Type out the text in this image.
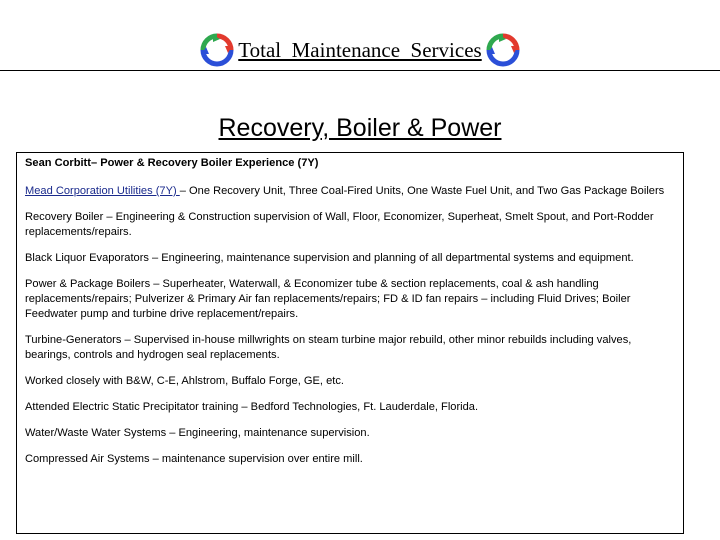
Total  Maintenance  Services
Recovery, Boiler & Power

Sean Corbitt– Power & Recovery Boiler Experience (7Y)

Mead Corporation Utilities (7Y) – One Recovery Unit, Three Coal-Fired Units, One Waste Fuel Unit, and Two Gas Package Boilers

Recovery Boiler – Engineering & Construction supervision of Wall, Floor, Economizer, Superheat, Smelt Spout, and Port-Rodder replacements/repairs.

Black Liquor Evaporators – Engineering, maintenance supervision and planning of all departmental systems and equipment.

Power & Package Boilers – Superheater, Waterwall, & Economizer tube & section replacements, coal & ash handling replacements/repairs; Pulverizer & Primary Air fan replacements/repairs; FD & ID fan repairs – including Fluid Drives; Boiler Feedwater pump and turbine drive replacement/repairs.

Turbine-Generators – Supervised in-house millwrights on steam turbine major rebuild, other minor rebuilds including valves, bearings, controls and hydrogen seal replacements.

Worked closely with B&W, C-E, Ahlstrom, Buffalo Forge, GE, etc.

Attended Electric Static Precipitator training – Bedford Technologies, Ft. Lauderdale, Florida.

Water/Waste Water Systems – Engineering, maintenance supervision.

Compressed Air Systems – maintenance supervision over entire mill.
